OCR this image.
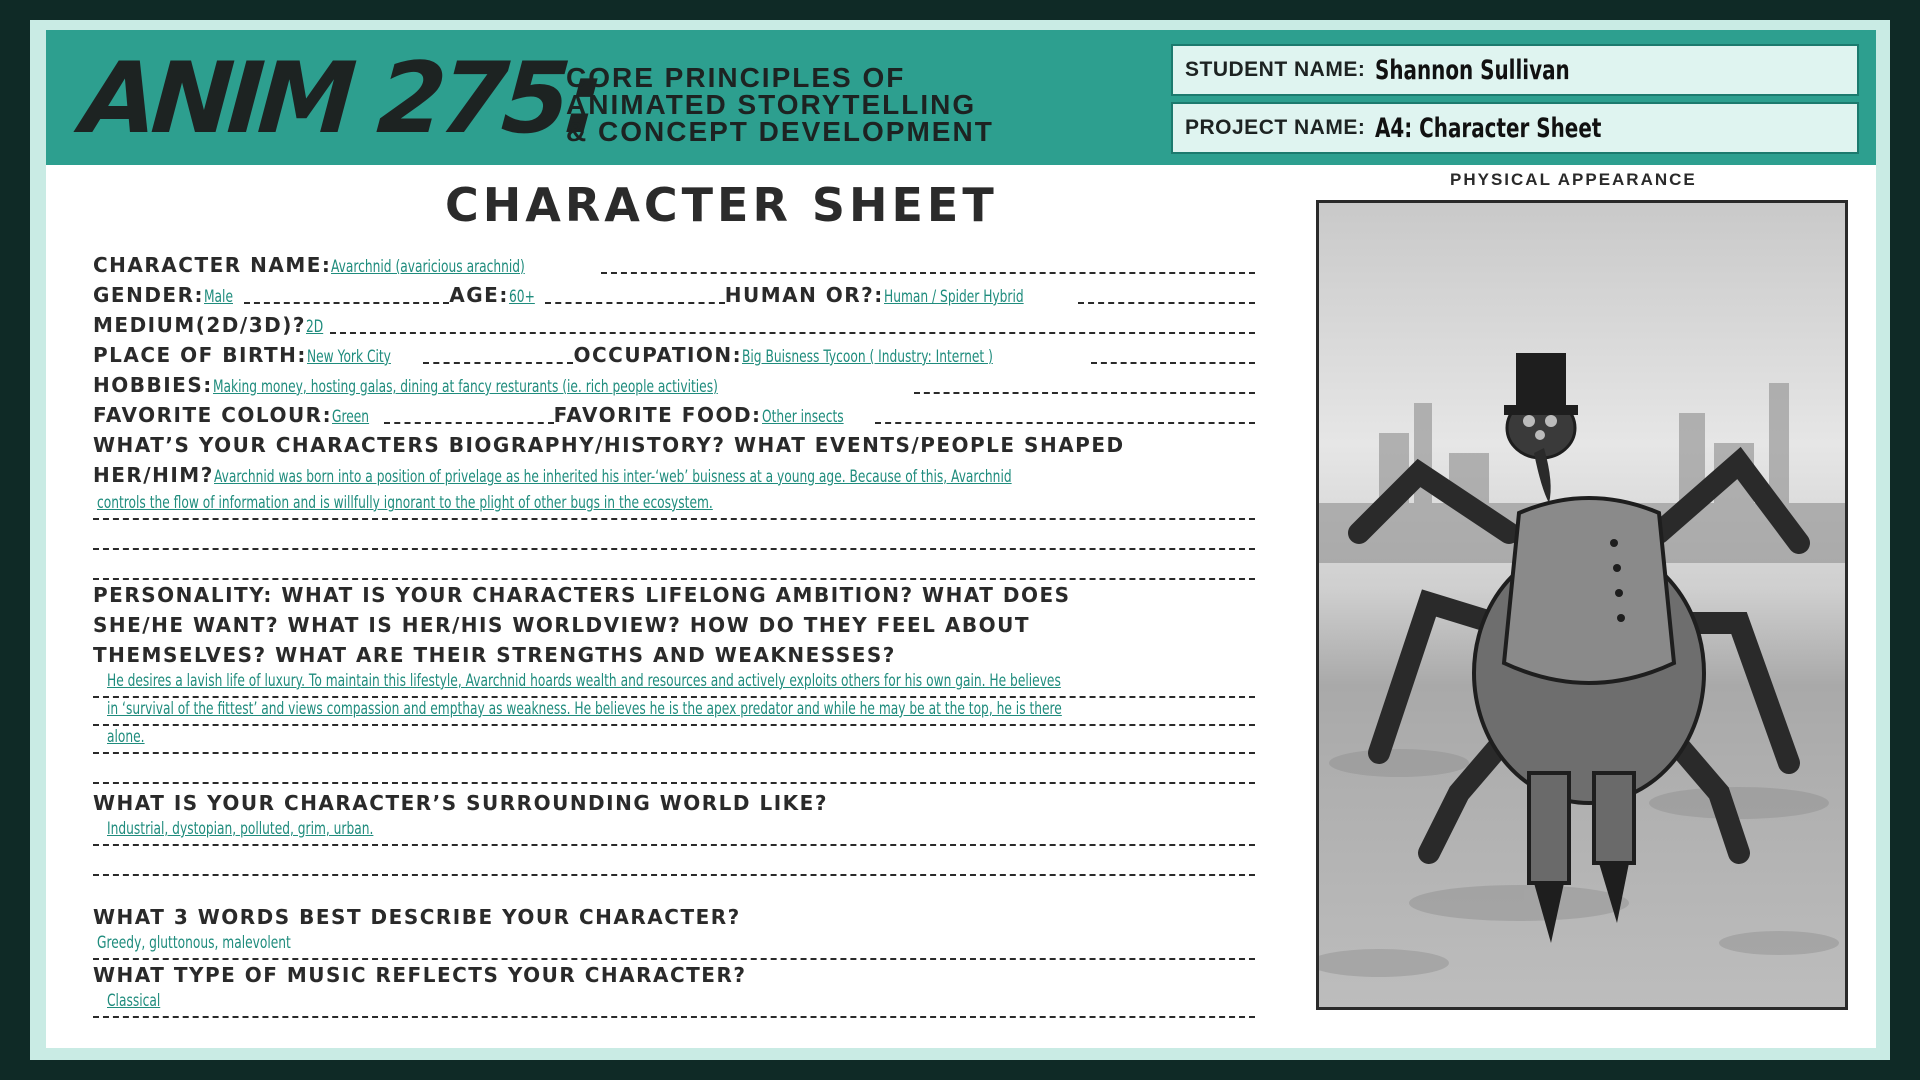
ANIM 275:
CORE PRINCIPLES OF
ANIMATED STORYTELLING
& CONCEPT DEVELOPMENT
STUDENT NAME: Shannon Sullivan
PROJECT NAME: A4: Character Sheet
CHARACTER SHEET
CHARACTER NAME: Avarchnid (avaricious arachnid)
GENDER: Male	AGE: 60+	HUMAN OR?: Human / Spider Hybrid
MEDIUM(2D/3D)? 2D
PLACE OF BIRTH: New York City	OCCUPATION: Big Buisness Tycoon ( Industry: Internet )
HOBBIES: Making money, hosting galas, dining at fancy resturants (ie. rich people activities)
FAVORITE COLOUR: Green	FAVORITE FOOD: Other insects
WHAT’S YOUR CHARACTERS BIOGRAPHY/HISTORY? WHAT EVENTS/PEOPLE SHAPED
HER/HIM? Avarchnid was born into a position of privelage as he inherited his inter-‘web’ buisness at a young age. Because of this, Avarchnid
controls the flow of information and is willfully ignorant to the plight of other bugs in the ecosystem.
PERSONALITY: WHAT IS YOUR CHARACTERS LIFELONG AMBITION? WHAT DOES
SHE/HE WANT? WHAT IS HER/HIS WORLDVIEW? HOW DO THEY FEEL ABOUT
THEMSELVES? WHAT ARE THEIR STRENGTHS AND WEAKNESSES?
He desires a lavish life of luxury. To maintain this lifestyle, Avarchnid hoards wealth and resources and actively exploits others for his own gain. He believes
in ‘survival of the fittest’ and views compassion and empthay as weakness. He believes he is the apex predator and while he may be at the top, he is there
alone.
WHAT IS YOUR CHARACTER’S SURROUNDING WORLD LIKE?
Industrial, dystopian, polluted, grim, urban.
WHAT 3 WORDS BEST DESCRIBE YOUR CHARACTER?
Greedy, gluttonous, malevolent
WHAT TYPE OF MUSIC REFLECTS YOUR CHARACTER?
Classical
PHYSICAL APPEARANCE
